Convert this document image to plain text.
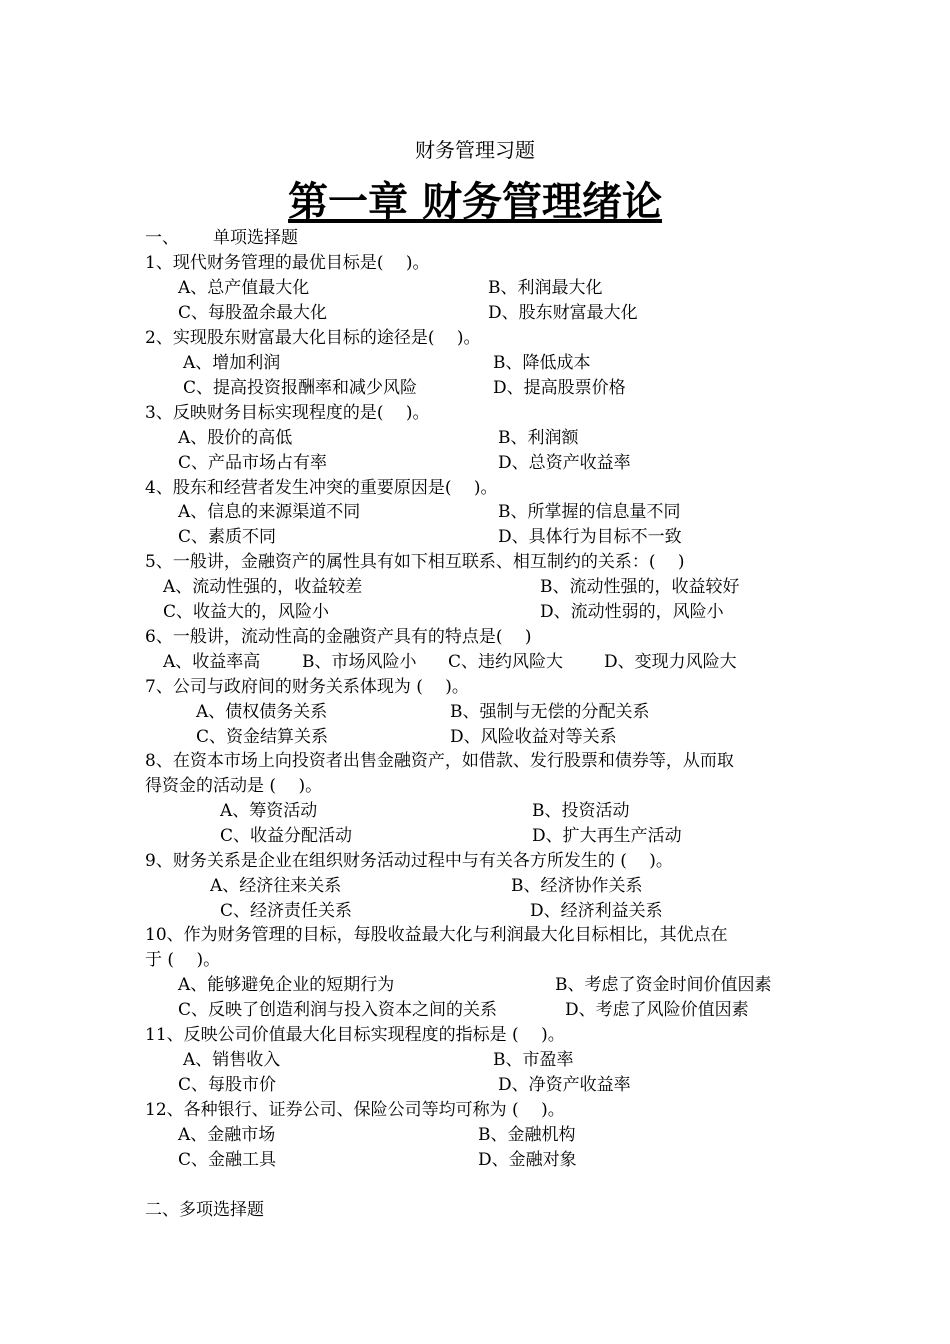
财务管理习题
第一章 财务管理绪论
一、 单项选择题
1、现代财务管理的最优目标是(　 )。
A、总产值最大化	B、利润最大化
C、每股盈余最大化	D、股东财富最大化
2、实现股东财富最大化目标的途径是(　 )。
A、增加利润	B、降低成本
C、提高投资报酬率和减少风险	D、提高股票价格
3、反映财务目标实现程度的是(　 )。
A、股价的高低	B、利润额
C、产品市场占有率	D、总资产收益率
4、股东和经营者发生冲突的重要原因是(　 )。
A、信息的来源渠道不同	B、所掌握的信息量不同
C、素质不同	D、具体行为目标不一致
5、一般讲，金融资产的属性具有如下相互联系、相互制约的关系：(　 )
A、流动性强的，收益较差	B、流动性强的，收益较好
C、收益大的，风险小	D、流动性弱的，风险小
6、一般讲，流动性高的金融资产具有的特点是(　 )
A、收益率高 B、市场风险小 C、违约风险大 D、变现力风险大
7、公司与政府间的财务关系体现为 (　 )。
A、债权债务关系	B、强制与无偿的分配关系
C、资金结算关系	D、风险收益对等关系
8、在资本市场上向投资者出售金融资产，如借款、发行股票和债券等，从而取
得资金的活动是 (　 )。
A、筹资活动	B、投资活动
C、收益分配活动	D、扩大再生产活动
9、财务关系是企业在组织财务活动过程中与有关各方所发生的 (　 )。
A、经济往来关系	B、经济协作关系
C、经济责任关系	D、经济利益关系
10、作为财务管理的目标，每股收益最大化与利润最大化目标相比，其优点在
于 (　 )。
A、能够避免企业的短期行为	B、考虑了资金时间价值因素
C、反映了创造利润与投入资本之间的关系	D、考虑了风险价值因素
11、反映公司价值最大化目标实现程度的指标是 (　 )。
A、销售收入	B、市盈率
C、每股市价	D、净资产收益率
12、各种银行、证券公司、保险公司等均可称为 (　 )。
A、金融市场	B、金融机构
C、金融工具	D、金融对象
二、多项选择题
